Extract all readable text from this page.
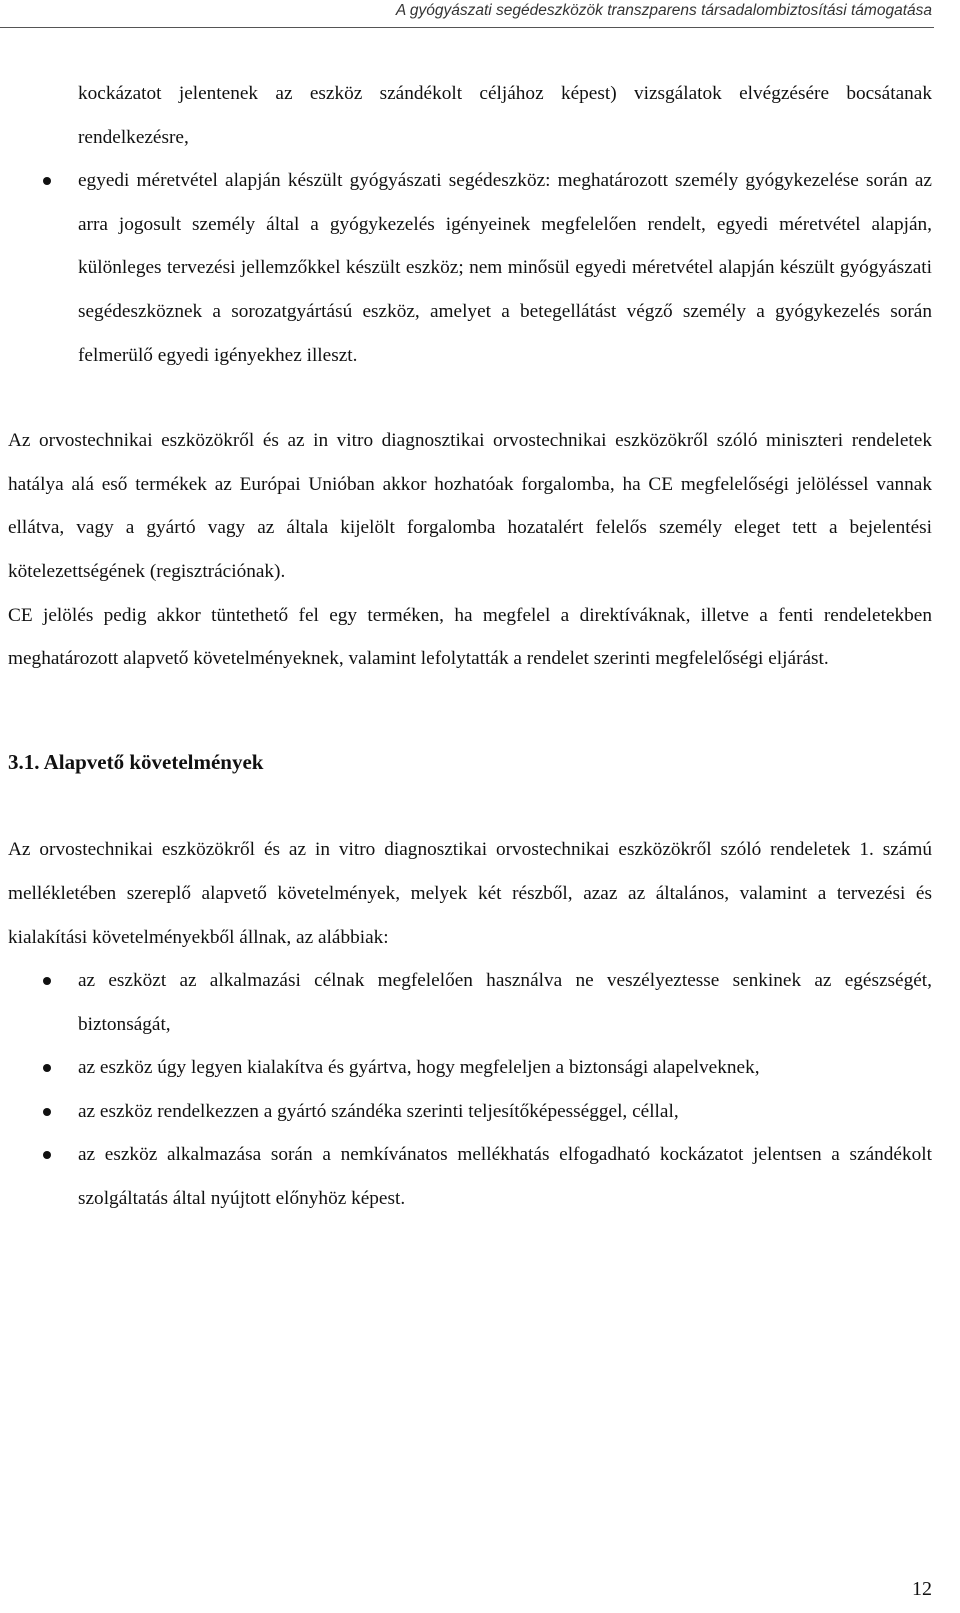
A gyógyászati segédeszközök transzparens társadalombiztosítási támogatása
kockázatot jelentenek az eszköz szándékolt céljához képest) vizsgálatok elvégzésére bocsátanak rendelkezésre,
egyedi méretvétel alapján készült gyógyászati segédeszköz: meghatározott személy gyógykezelése során az arra jogosult személy által a gyógykezelés igényeinek megfelelően rendelt, egyedi méretvétel alapján, különleges tervezési jellemzőkkel készült eszköz; nem minősül egyedi méretvétel alapján készült gyógyászati segédeszköznek a sorozatgyártású eszköz, amelyet a betegellátást végző személy a gyógykezelés során felmerülő egyedi igényekhez illeszt.

Az orvostechnikai eszközökről és az in vitro diagnosztikai orvostechnikai eszközökről szóló miniszteri rendeletek hatálya alá eső termékek az Európai Unióban akkor hozhatóak forgalomba, ha CE megfelelőségi jelöléssel vannak ellátva, vagy a gyártó vagy az általa kijelölt forgalomba hozatalért felelős személy eleget tett a bejelentési kötelezettségének (regisztrációnak).

CE jelölés pedig akkor tüntethető fel egy terméken, ha megfelel a direktíváknak, illetve a fenti rendeletekben meghatározott alapvető követelményeknek, valamint lefolytatták a rendelet szerinti megfelelőségi eljárást.

3.1. Alapvető követelmények

Az orvostechnikai eszközökről és az in vitro diagnosztikai orvostechnikai eszközökről szóló rendeletek 1. számú mellékletében szereplő alapvető követelmények, melyek két részből, azaz az általános, valamint a tervezési és kialakítási követelményekből állnak, az alábbiak:

az eszközt az alkalmazási célnak megfelelően használva ne veszélyeztesse senkinek az egészségét, biztonságát,
az eszköz úgy legyen kialakítva és gyártva, hogy megfeleljen a biztonsági alapelveknek,
az eszköz rendelkezzen a gyártó szándéka szerinti teljesítőképességgel, céllal,
az eszköz alkalmazása során a nemkívánatos mellékhatás elfogadható kockázatot jelentsen a szándékolt szolgáltatás által nyújtott előnyhöz képest.
12
